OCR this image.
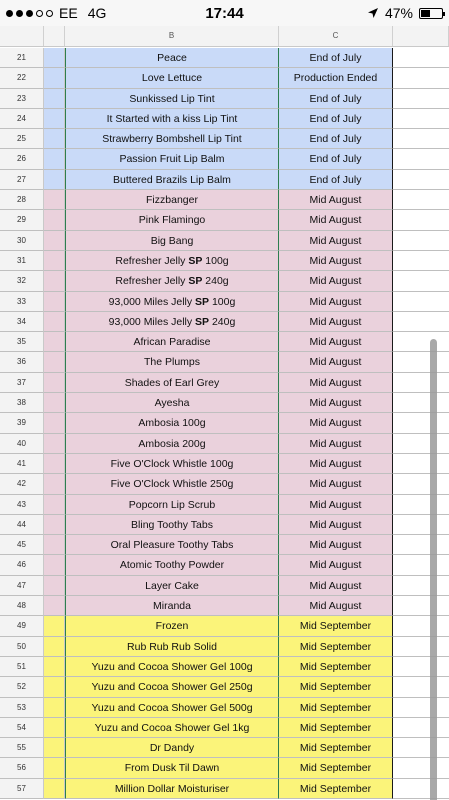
EE 4G	17:44	47%
B	C
21	Peace	End of July
22	Love Lettuce	Production Ended
23	Sunkissed Lip Tint	End of July
24	It Started with a kiss Lip Tint	End of July
25	Strawberry Bombshell Lip Tint	End of July
26	Passion Fruit Lip Balm	End of July
27	Buttered Brazils Lip Balm	End of July
28	Fizzbanger	Mid August
29	Pink Flamingo	Mid August
30	Big Bang	Mid August
31	Refresher Jelly SP 100g	Mid August
32	Refresher Jelly SP 240g	Mid August
33	93,000 Miles Jelly SP 100g	Mid August
34	93,000 Miles Jelly SP 240g	Mid August
35	African Paradise	Mid August
36	The Plumps	Mid August
37	Shades of Earl Grey	Mid August
38	Ayesha	Mid August
39	Ambosia 100g	Mid August
40	Ambosia 200g	Mid August
41	Five O'Clock Whistle 100g	Mid August
42	Five O'Clock Whistle 250g	Mid August
43	Popcorn Lip Scrub	Mid August
44	Bling Toothy Tabs	Mid August
45	Oral Pleasure Toothy Tabs	Mid August
46	Atomic Toothy Powder	Mid August
47	Layer Cake	Mid August
48	Miranda	Mid August
49	Frozen	Mid September
50	Rub Rub Rub Solid	Mid September
51	Yuzu and Cocoa Shower Gel 100g	Mid September
52	Yuzu and Cocoa Shower Gel 250g	Mid September
53	Yuzu and Cocoa Shower Gel 500g	Mid September
54	Yuzu and Cocoa Shower Gel 1kg	Mid September
55	Dr Dandy	Mid September
56	From Dusk Til Dawn	Mid September
57	Million Dollar Moisturiser	Mid September
